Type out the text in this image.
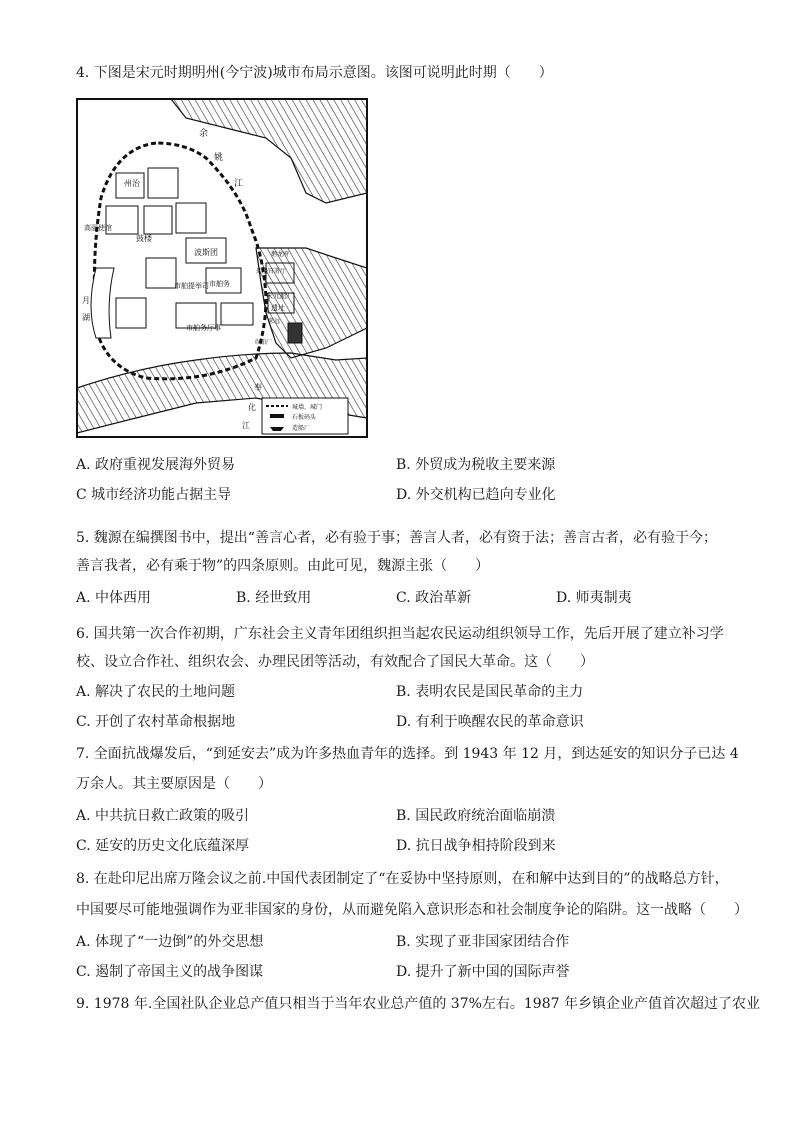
4. 下图是宋元时期明州(今宁波)城市布局示意图。该图可说明此时期（　　）
余
姚
江
州治
鼓楼
高丽使馆
波斯团
市舶提举司 市舶务
市舶务厅事
月
湖
鹅龙府
造船官署厅
宋元船厂
遗址
来远
市舶厂
奉
化
江
城墙、城门
石板码头
造船厂
A. 政府重视发展海外贸易	B. 外贸成为税收主要来源
C 城市经济功能占据主导	D. 外交机构已趋向专业化
5. 魏源在编撰图书中，提出“善言心者，必有验于事；善言人者，必有资于法；善言古者，必有验于今；
善言我者，必有乘于物”的四条原则。由此可见，魏源主张（　　）
A. 中体西用	B. 经世致用	C. 政治革新	D. 师夷制夷
6. 国共第一次合作初期，广东社会主义青年团组织担当起农民运动组织领导工作，先后开展了建立补习学
校、设立合作社、组织农会、办理民团等活动，有效配合了国民大革命。这（　　）
A. 解决了农民的土地问题	B. 表明农民是国民革命的主力
C. 开创了农村革命根据地	D. 有利于唤醒农民的革命意识
7. 全面抗战爆发后，“到延安去”成为许多热血青年的选择。到 1943 年 12 月，到达延安的知识分子已达 4
万余人。其主要原因是（　　）
A. 中共抗日救亡政策的吸引	B. 国民政府统治面临崩溃
C. 延安的历史文化底蕴深厚	D. 抗日战争相持阶段到来
8. 在赴印尼出席万隆会议之前.中国代表团制定了“在妥协中坚持原则，在和解中达到目的”的战略总方针，
中国要尽可能地强调作为亚非国家的身份，从而避免陷入意识形态和社会制度争论的陷阱。这一战略（　　）
A. 体现了“一边倒”的外交思想	B. 实现了亚非国家团结合作
C. 遏制了帝国主义的战争图谋	D. 提升了新中国的国际声誉
9. 1978 年.全国社队企业总产值只相当于当年农业总产值的 37%左右。1987 年乡镇企业产值首次超过了农业
